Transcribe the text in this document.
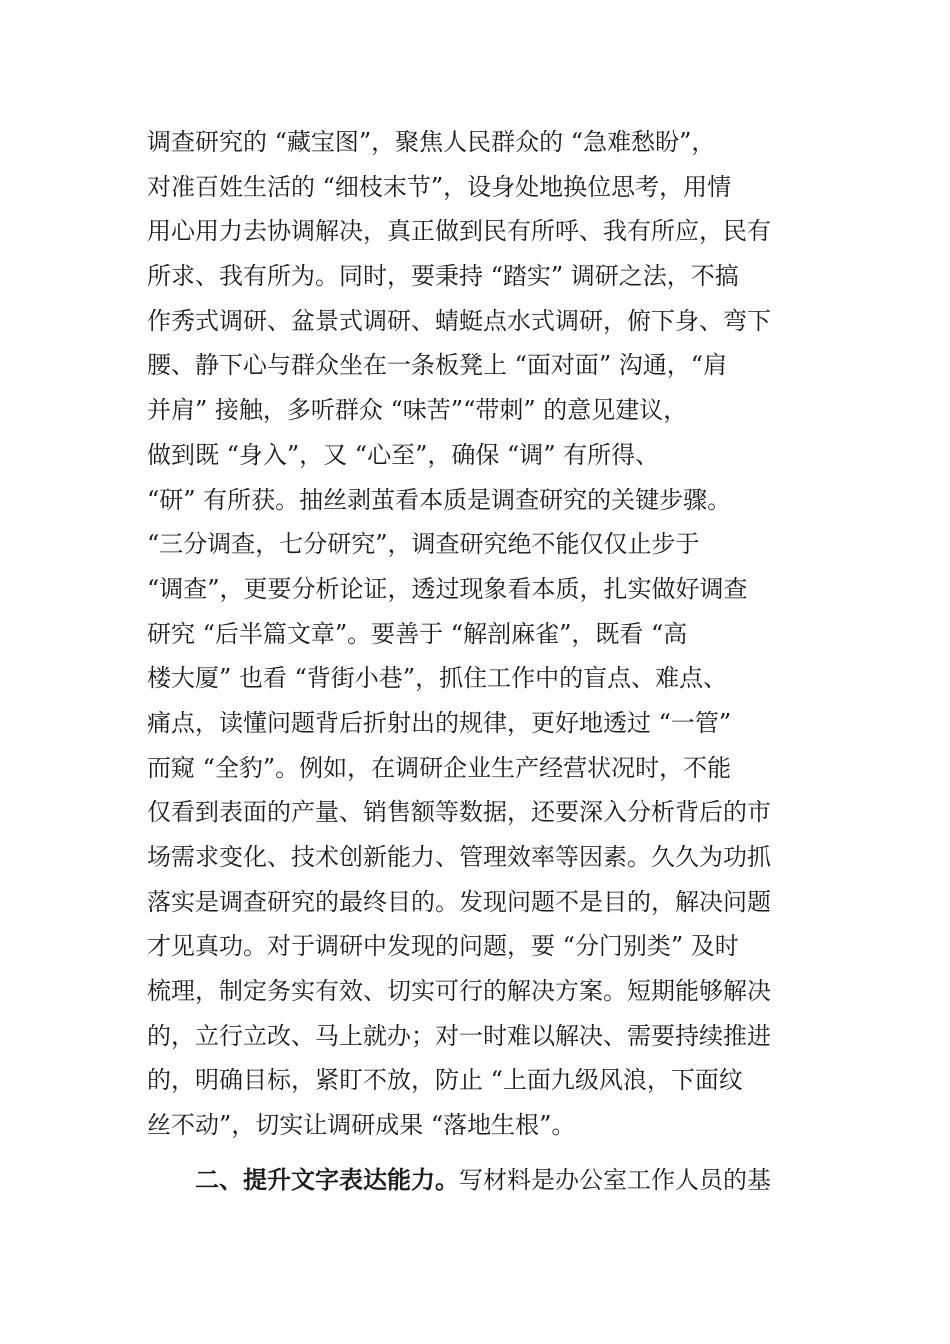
调查研究的 “藏宝图”，聚焦人民群众的 “急难愁盼”，
对准百姓生活的 “细枝末节”，设身处地换位思考，用情
用心用力去协调解决，真正做到民有所呼、我有所应，民有
所求、我有所为。同时，要秉持 “踏实” 调研之法，不搞
作秀式调研、盆景式调研、蜻蜓点水式调研，俯下身、弯下
腰、静下心与群众坐在一条板凳上 “面对面” 沟通，“肩
并肩” 接触，多听群众 “味苦”“带刺” 的意见建议，
做到既 “身入”，又 “心至”，确保 “调” 有所得、
“研” 有所获。抽丝剥茧看本质是调查研究的关键步骤。
“三分调查，七分研究”，调查研究绝不能仅仅止步于
“调查”，更要分析论证，透过现象看本质，扎实做好调查
研究 “后半篇文章”。要善于 “解剖麻雀”，既看 “高
楼大厦” 也看 “背街小巷”，抓住工作中的盲点、难点、
痛点，读懂问题背后折射出的规律，更好地透过 “一管”
而窥 “全豹”。例如，在调研企业生产经营状况时，不能
仅看到表面的产量、销售额等数据，还要深入分析背后的市
场需求变化、技术创新能力、管理效率等因素。久久为功抓
落实是调查研究的最终目的。发现问题不是目的，解决问题
才见真功。对于调研中发现的问题，要 “分门别类” 及时
梳理，制定务实有效、切实可行的解决方案。短期能够解决
的，立行立改、马上就办；对一时难以解决、需要持续推进
的，明确目标，紧盯不放，防止 “上面九级风浪，下面纹
丝不动”，切实让调研成果 “落地生根”。
二、提升文字表达能力。写材料是办公室工作人员的基
